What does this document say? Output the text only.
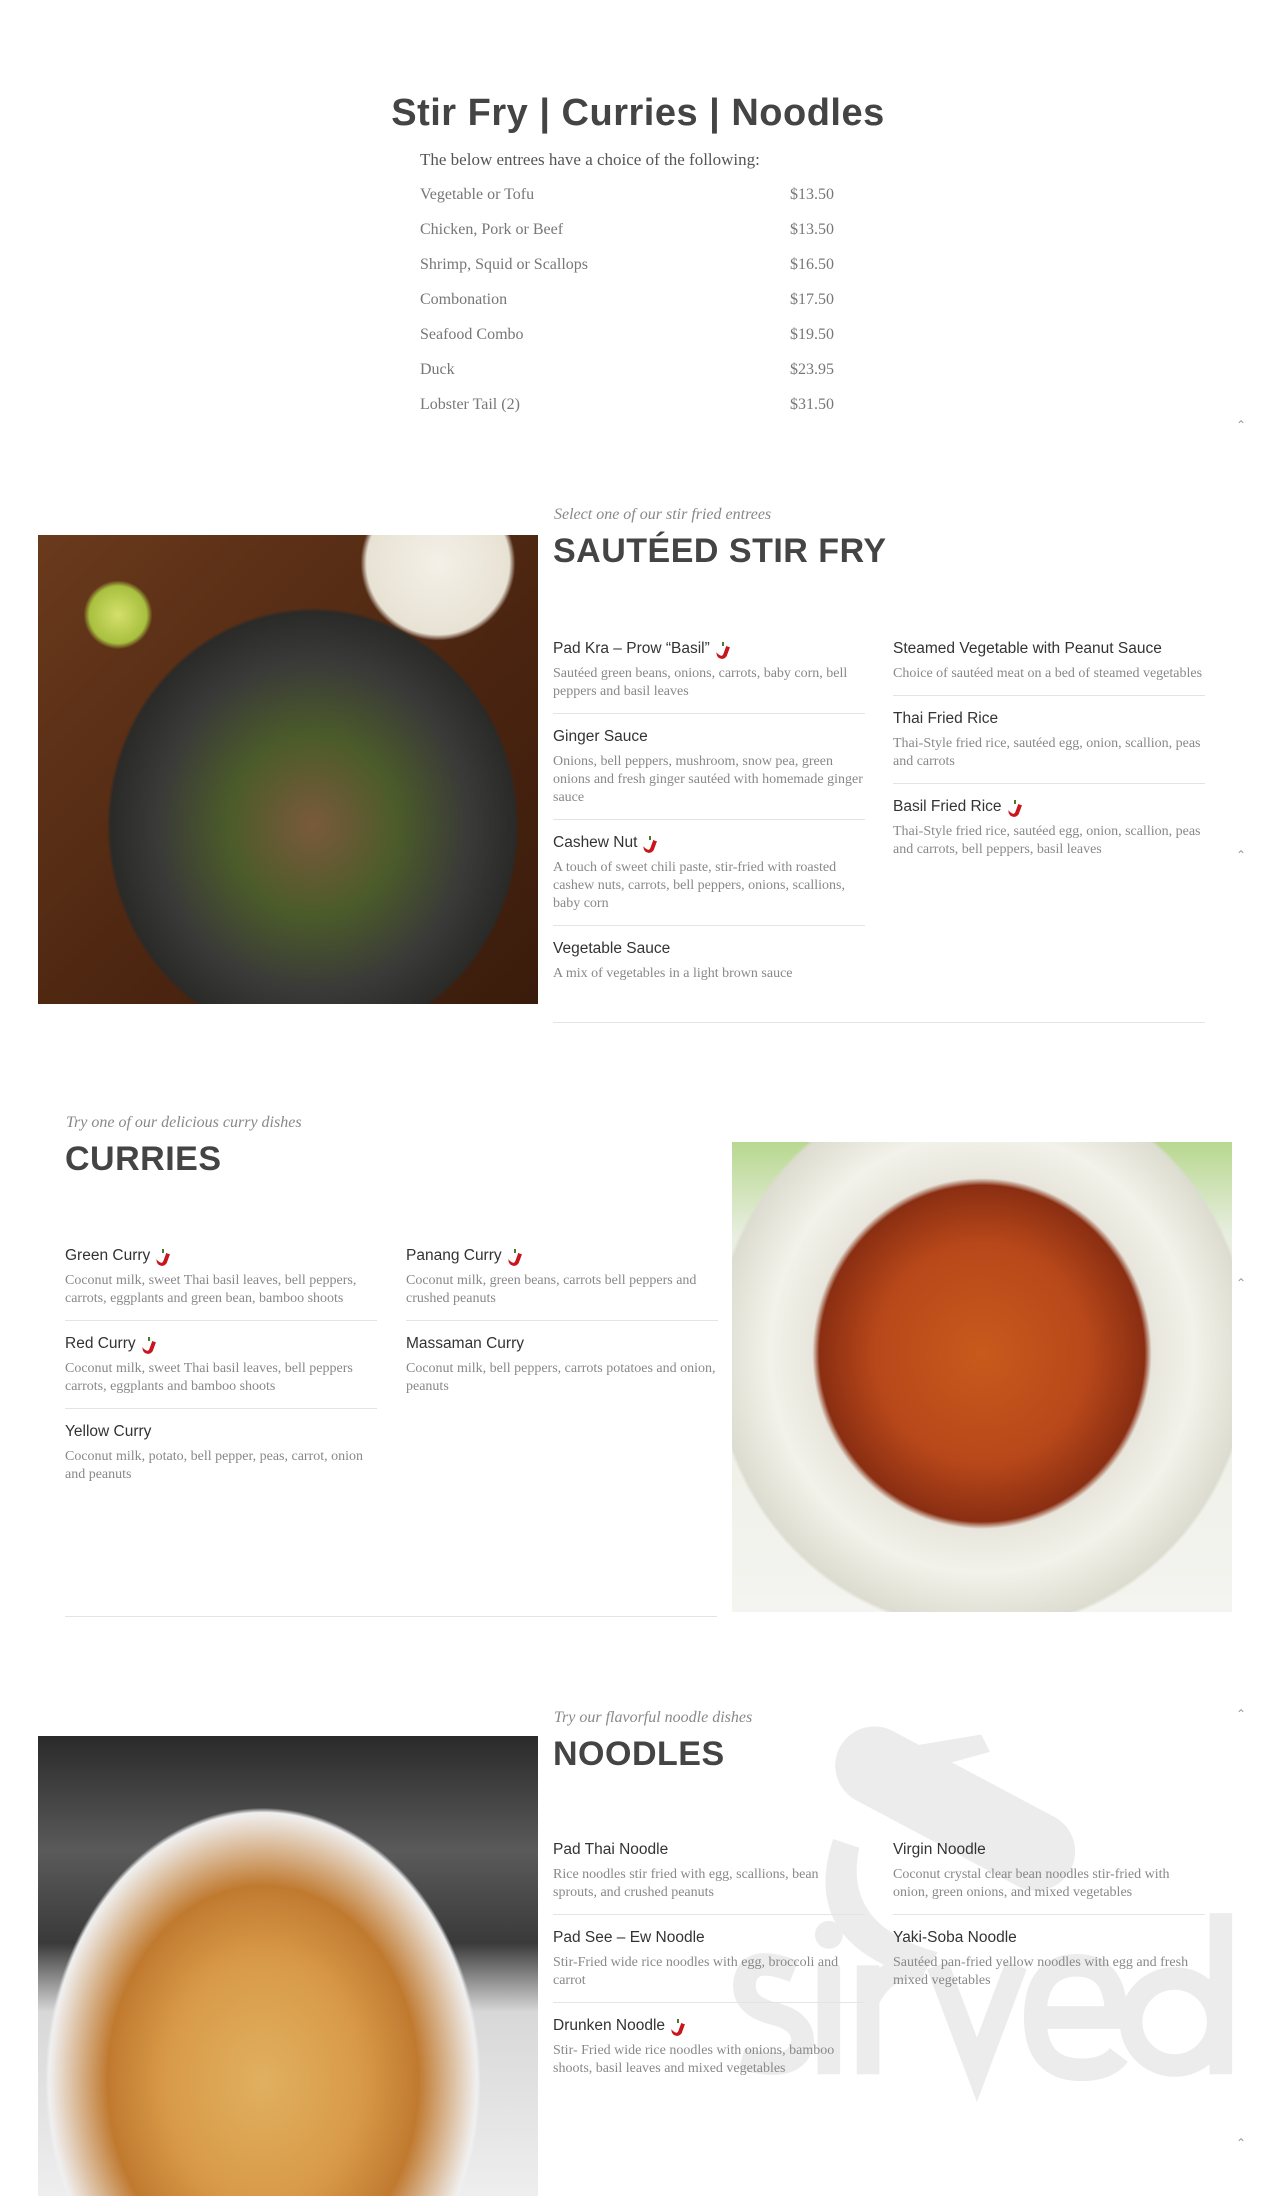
Stir Fry | Curries | Noodles
The below entrees have a choice of the following:
Vegetable or Tofu	$13.50
Chicken, Pork or Beef	$13.50
Shrimp, Squid or Scallops	$16.50
Combonation	$17.50
Seafood Combo	$19.50
Duck	$23.95
Lobster Tail (2)	$31.50
⌃
⌃
⌃
⌃
⌃
Select one of our stir fried entrees
SAUTÉED STIR FRY
Pad Kra – Prow “Basil”
Sautéed green beans, onions, carrots, baby corn, bell peppers and basil leaves
Ginger Sauce
Onions, bell peppers, mushroom, snow pea, green onions and fresh ginger sautéed with homemade ginger sauce
Cashew Nut
A touch of sweet chili paste, stir-fried with roasted cashew nuts, carrots, bell peppers, onions, scallions, baby corn
Vegetable Sauce
A mix of vegetables in a light brown sauce
Steamed Vegetable with Peanut Sauce
Choice of sautéed meat on a bed of steamed vegetables
Thai Fried Rice
Thai-Style fried rice, sautéed egg, onion, scallion, peas and carrots
Basil Fried Rice
Thai-Style fried rice, sautéed egg, onion, scallion, peas and carrots, bell peppers, basil leaves
Try one of our delicious curry dishes
CURRIES
Green Curry
Coconut milk, sweet Thai basil leaves, bell peppers, carrots, eggplants and green bean, bamboo shoots
Red Curry
Coconut milk, sweet Thai basil leaves, bell peppers carrots, eggplants and bamboo shoots
Yellow Curry
Coconut milk, potato, bell pepper, peas, carrot, onion and peanuts
Panang Curry
Coconut milk, green beans, carrots bell peppers and crushed peanuts
Massaman Curry
Coconut milk, bell peppers, carrots potatoes and onion, peanuts
Try our flavorful noodle dishes
NOODLES
Pad Thai Noodle
Rice noodles stir fried with egg, scallions, bean sprouts, and crushed peanuts
Pad See – Ew Noodle
Stir-Fried wide rice noodles with egg, broccoli and carrot
Drunken Noodle
Stir- Fried wide rice noodles with onions, bamboo shoots, basil leaves and mixed vegetables
Virgin Noodle
Coconut crystal clear bean noodles stir-fried with onion, green onions, and mixed vegetables
Yaki-Soba Noodle
Sautéed pan-fried yellow noodles with egg and fresh mixed vegetables
